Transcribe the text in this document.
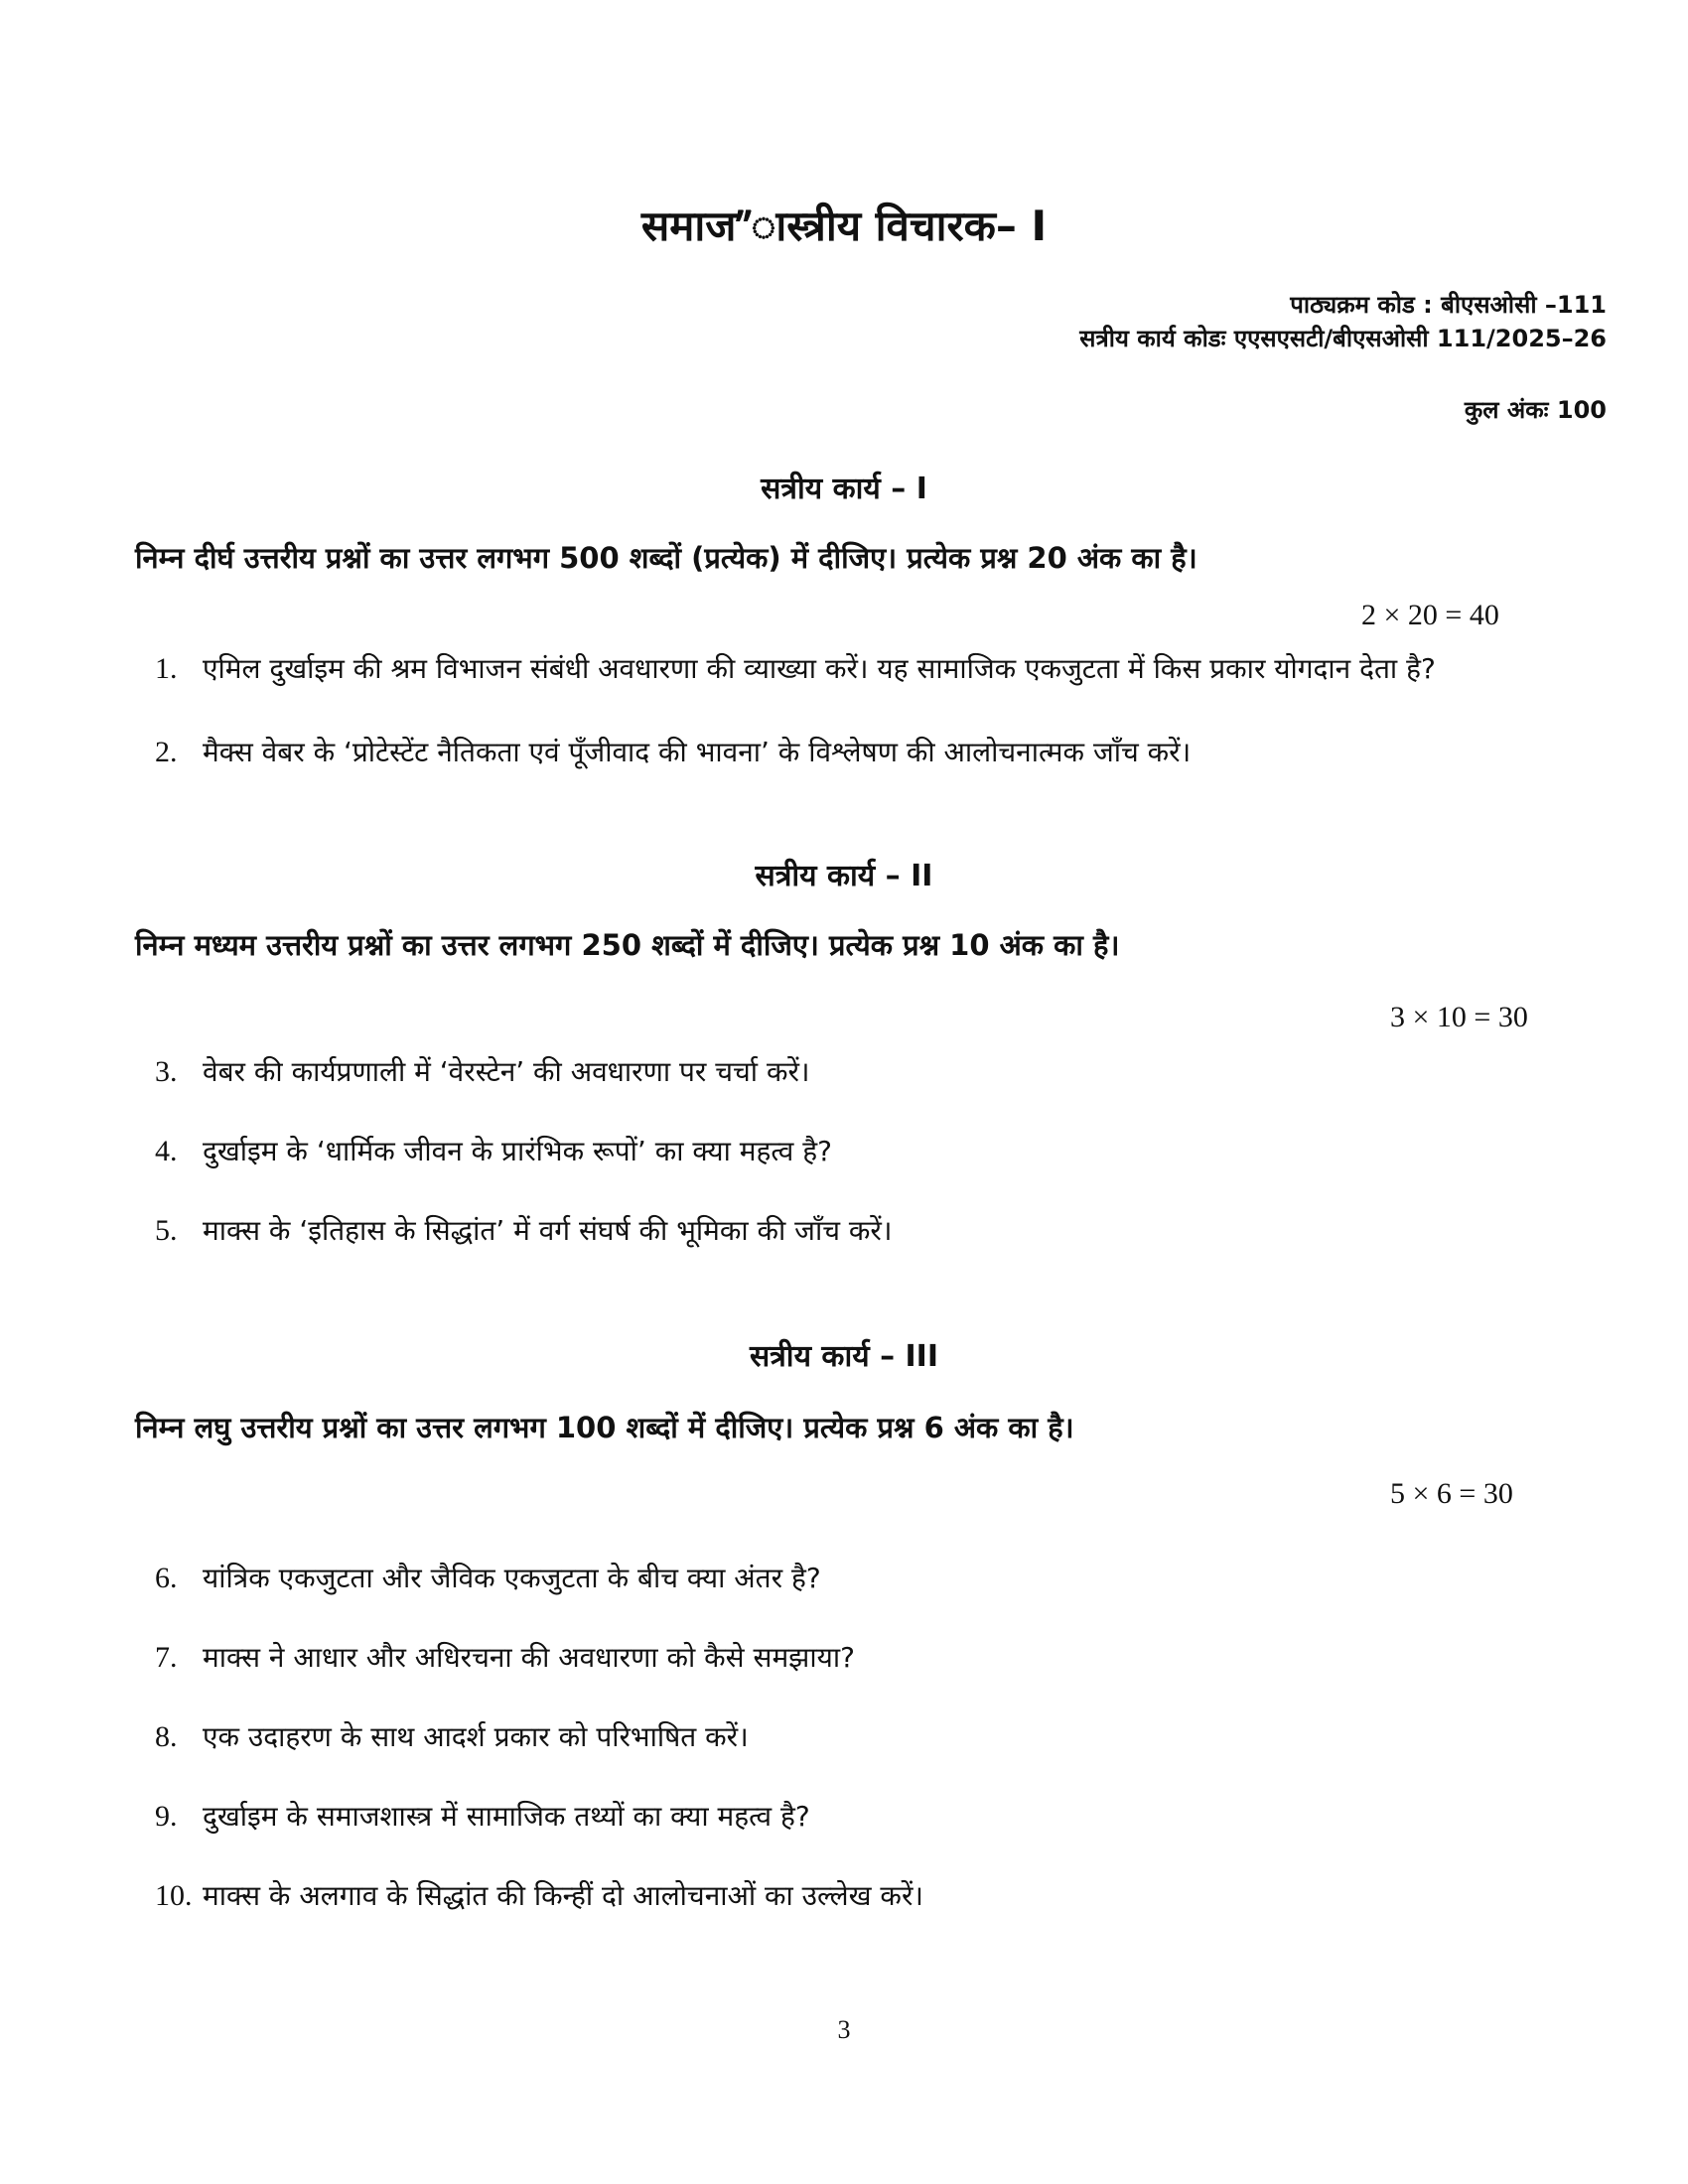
समाज”ास्त्रीय विचारक– I
पाठ्यक्रम कोड : बीएसओसी –111
सत्रीय कार्य कोडः एएसएसटी/बीएसओसी 111/2025–26
कुल अंकः 100
सत्रीय कार्य – I

निम्न दीर्घ उत्तरीय प्रश्नों का उत्तर लगभग 500 शब्दों (प्रत्येक) में दीजिए। प्रत्येक प्रश्न 20 अंक का है।

2 × 20 = 40
1. एमिल दुर्खाइम की श्रम विभाजन संबंधी अवधारणा की व्याख्या करें। यह सामाजिक एकजुटता में किस प्रकार योगदान देता है?
2. मैक्स वेबर के ‘प्रोटेस्टेंट नैतिकता एवं पूँजीवाद की भावना’ के विश्लेषण की आलोचनात्मक जाँच करें।
सत्रीय कार्य – II

निम्न मध्यम उत्तरीय प्रश्नों का उत्तर लगभग 250 शब्दों में दीजिए। प्रत्येक प्रश्न 10 अंक का है।

3 × 10 = 30
3. वेबर की कार्यप्रणाली में ‘वेरस्टेन’ की अवधारणा पर चर्चा करें।
4. दुर्खाइम के ‘धार्मिक जीवन के प्रारंभिक रूपों’ का क्या महत्व है?
5. माक्स के ‘इतिहास के सिद्धांत’ में वर्ग संघर्ष की भूमिका की जाँच करें।
सत्रीय कार्य – III

निम्न लघु उत्तरीय प्रश्नों का उत्तर लगभग 100 शब्दों में दीजिए। प्रत्येक प्रश्न 6 अंक का है।

5 × 6 = 30
6. यांत्रिक एकजुटता और जैविक एकजुटता के बीच क्या अंतर है?
7. माक्स ने आधार और अधिरचना की अवधारणा को कैसे समझाया?
8. एक उदाहरण के साथ आदर्श प्रकार को परिभाषित करें।
9. दुर्खाइम के समाजशास्त्र में सामाजिक तथ्यों का क्या महत्व है?
10. माक्स के अलगाव के सिद्धांत की किन्हीं दो आलोचनाओं का उल्लेख करें।
3
